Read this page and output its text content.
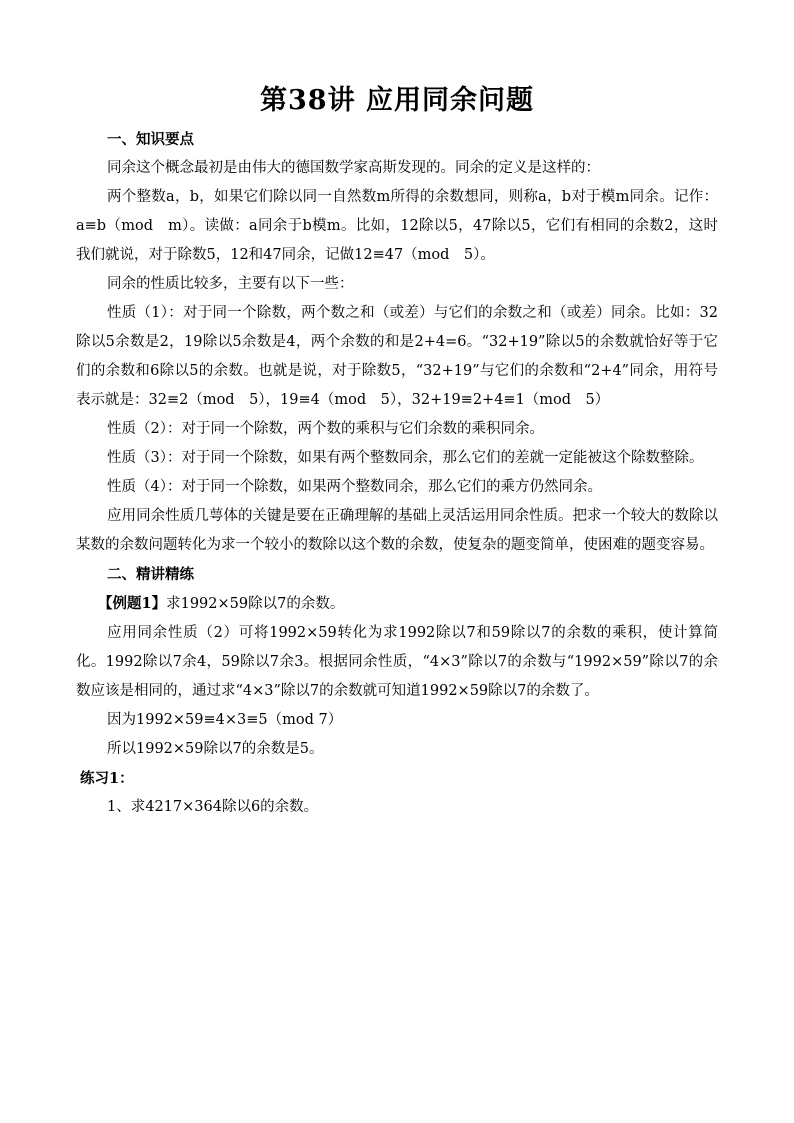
第38讲 应用同余问题

一、知识要点

同余这个概念最初是由伟大的德国数学家高斯发现的。同余的定义是这样的：

两个整数a，b，如果它们除以同一自然数m所得的余数想同，则称a，b对于模m同余。记作：a≡b（mod　m）。读做：a同余于b模m。比如，12除以5，47除以5，它们有相同的余数2，这时我们就说，对于除数5，12和47同余，记做12≡47（mod　5）。

同余的性质比较多，主要有以下一些：

性质（1）：对于同一个除数，两个数之和（或差）与它们的余数之和（或差）同余。比如：32除以5余数是2，19除以5余数是4，两个余数的和是2+4=6。“32+19”除以5的余数就恰好等于它们的余数和6除以5的余数。也就是说，对于除数5，“32+19”与它们的余数和“2+4”同余，用符号表示就是：32≡2（mod　5），19≡4（mod　5），32+19≡2+4≡1（mod　5）

性质（2）：对于同一个除数，两个数的乘积与它们余数的乘积同余。

性质（3）：对于同一个除数，如果有两个整数同余，那么它们的差就一定能被这个除数整除。

性质（4）：对于同一个除数，如果两个整数同余，那么它们的乘方仍然同余。

应用同余性质几萼体的关键是要在正确理解的基础上灵活运用同余性质。把求一个较大的数除以某数的余数问题转化为求一个较小的数除以这个数的余数，使复杂的题变简单，使困难的题变容易。

二、精讲精练

【例题1】求1992×59除以7的余数。

应用同余性质（2）可将1992×59转化为求1992除以7和59除以7的余数的乘积，使计算简化。1992除以7余4，59除以7余3。根据同余性质，“4×3”除以7的余数与“1992×59”除以7的余数应该是相同的，通过求“4×3”除以7的余数就可知道1992×59除以7的余数了。

因为1992×59≡4×3≡5（mod 7）

所以1992×59除以7的余数是5。

练习1：

1、求4217×364除以6的余数。
